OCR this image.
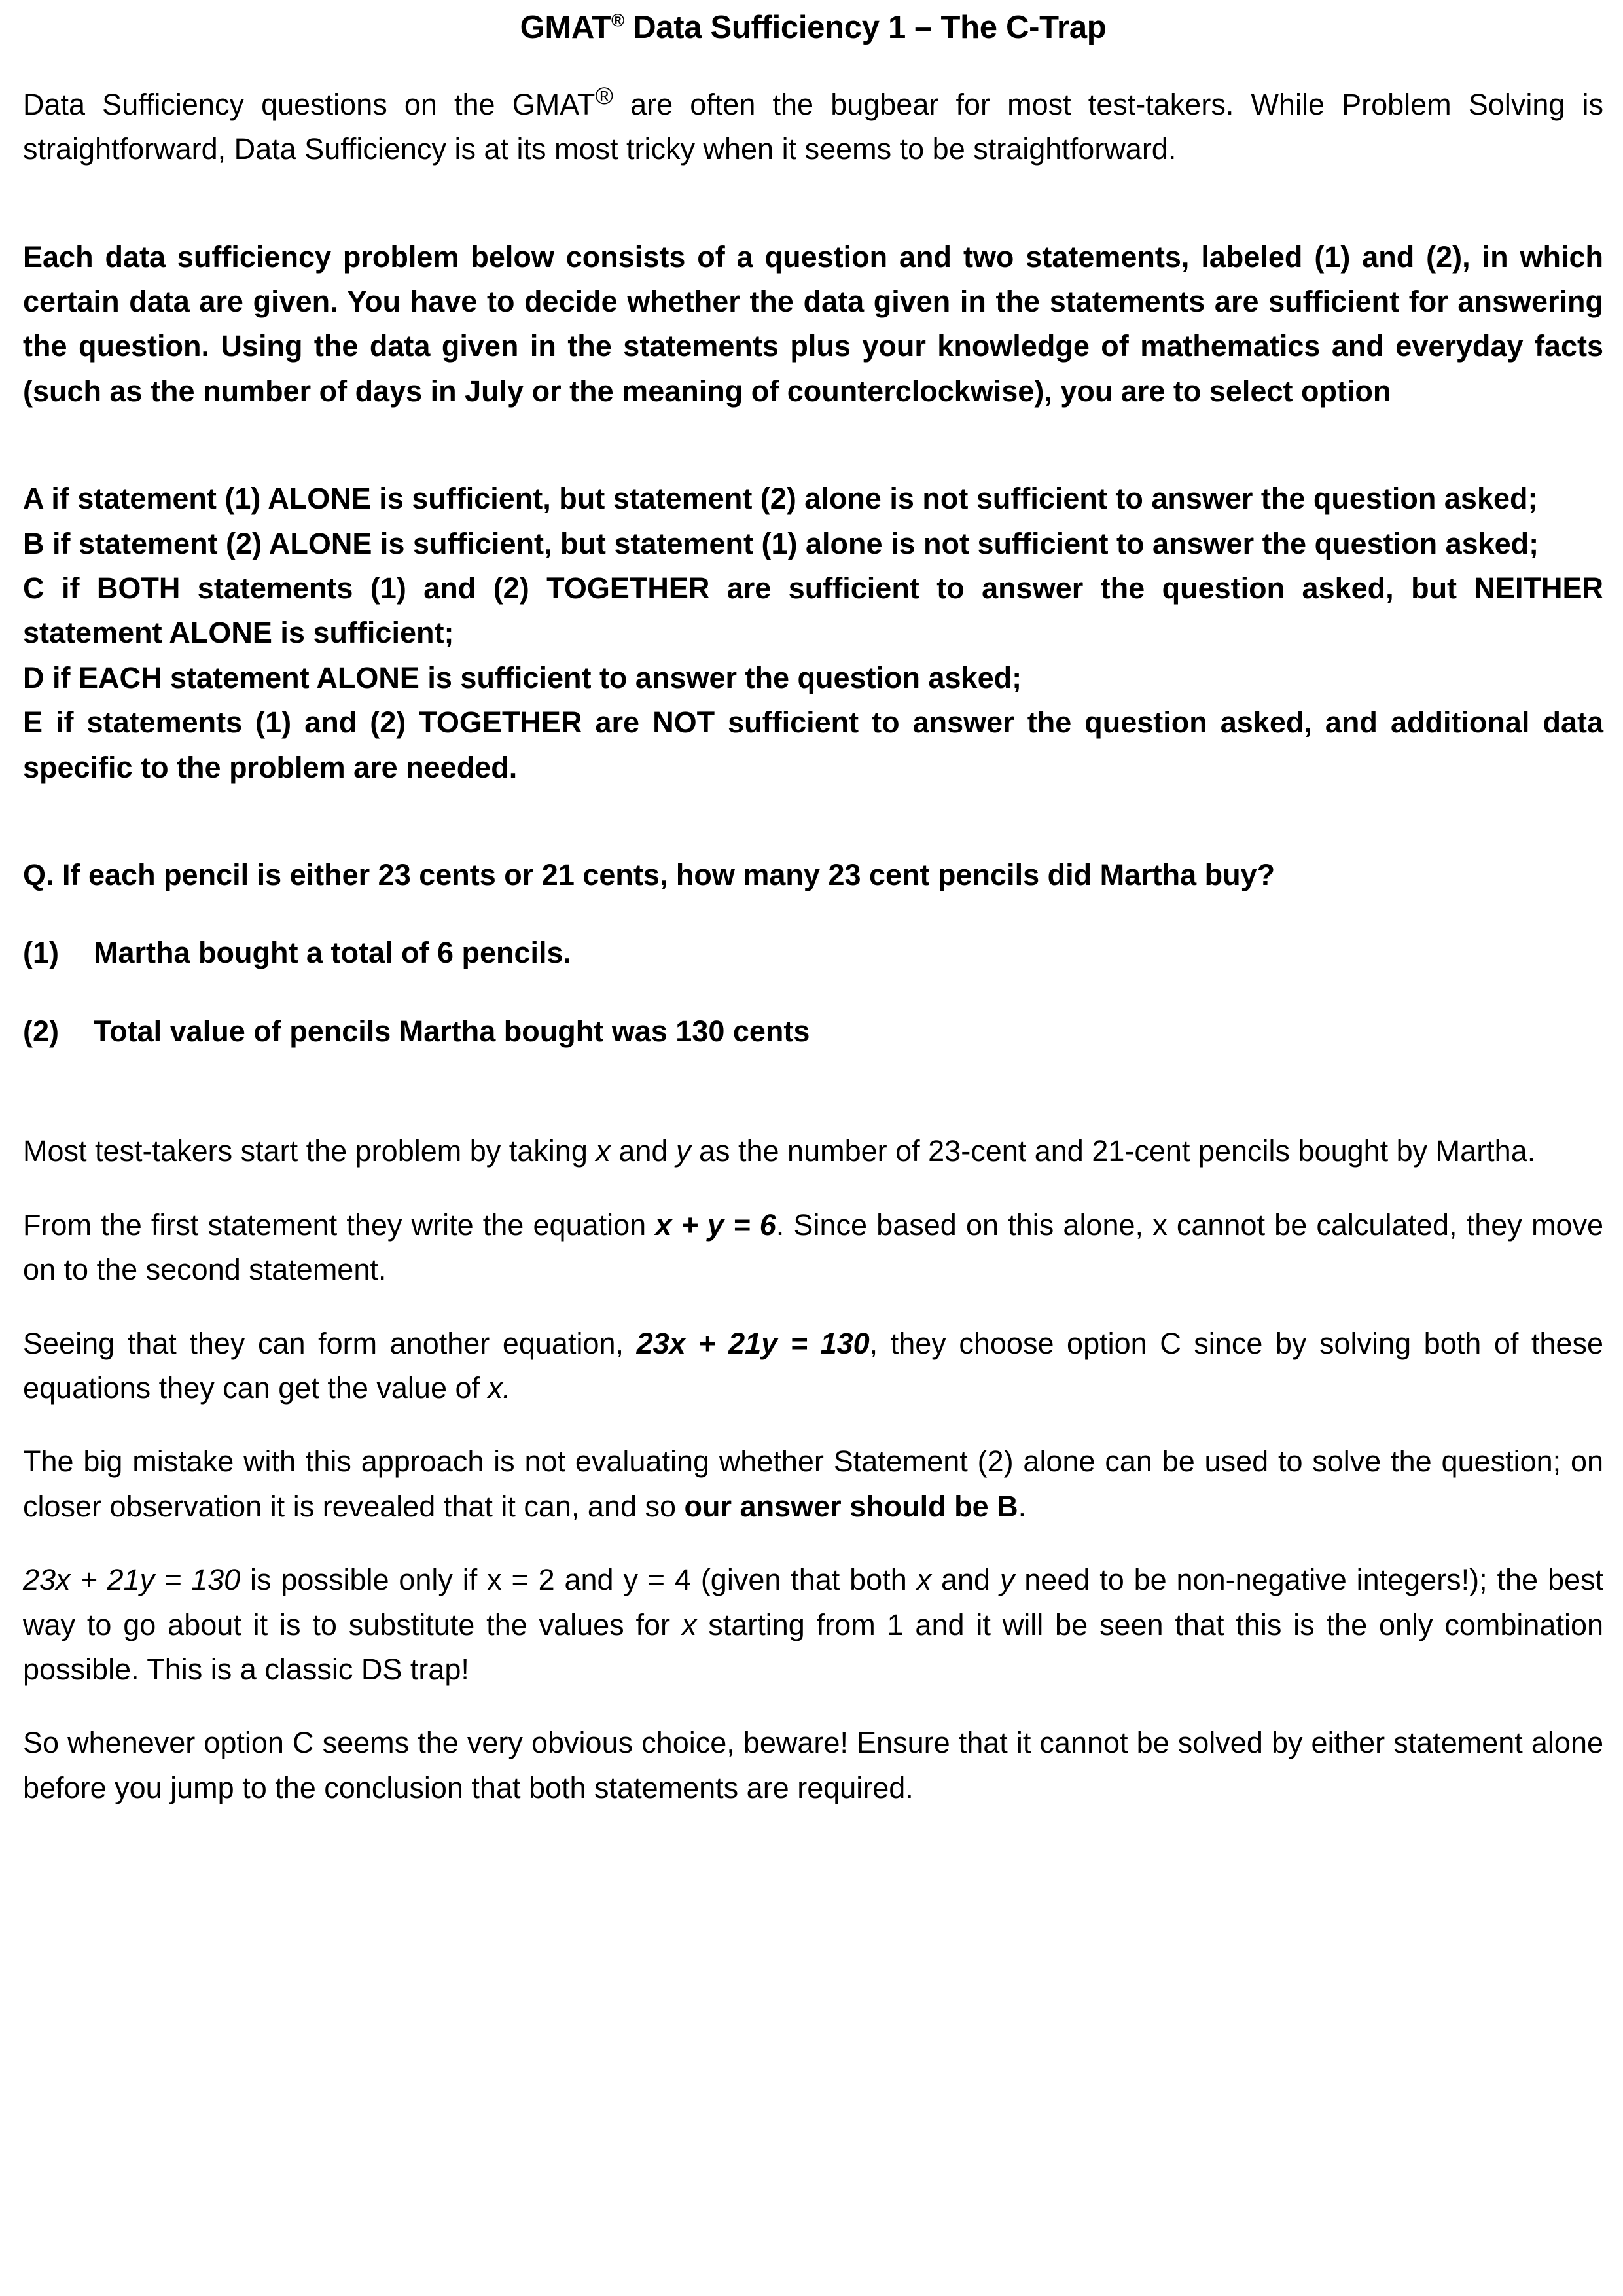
GMAT® Data Sufficiency 1 – The C-Trap

Data Sufficiency questions on the GMAT® are often the bugbear for most test-takers. While Problem Solving is straightforward, Data Sufficiency is at its most tricky when it seems to be straightforward.

Each data sufficiency problem below consists of a question and two statements, labeled (1) and (2), in which certain data are given. You have to decide whether the data given in the statements are sufficient for answering the question. Using the data given in the statements plus your knowledge of mathematics and everyday facts (such as the number of days in July or the meaning of counterclockwise), you are to select option

A if statement (1) ALONE is sufficient, but statement (2) alone is not sufficient to answer the question asked;

B if statement (2) ALONE is sufficient, but statement (1) alone is not sufficient to answer the question asked;

C if BOTH statements (1) and (2) TOGETHER are sufficient to answer the question asked, but NEITHER statement ALONE is sufficient;

D if EACH statement ALONE is sufficient to answer the question asked;

E if statements (1) and (2) TOGETHER are NOT sufficient to answer the question asked, and additional data specific to the problem are needed.

Q. If each pencil is either 23 cents or 21 cents, how many 23 cent pencils did Martha buy?

(1)	Martha bought a total of 6 pencils.
(2)	Total value of pencils Martha bought was 130 cents

Most test-takers start the problem by taking x and y as the number of 23-cent and 21-cent pencils bought by Martha.

From the first statement they write the equation x + y = 6. Since based on this alone, x cannot be calculated, they move on to the second statement.

Seeing that they can form another equation, 23x + 21y = 130, they choose option C since by solving both of these equations they can get the value of x.

The big mistake with this approach is not evaluating whether Statement (2) alone can be used to solve the question; on closer observation it is revealed that it can, and so our answer should be B.

23x + 21y = 130 is possible only if x = 2 and y = 4 (given that both x and y need to be non-negative integers!); the best way to go about it is to substitute the values for x starting from 1 and it will be seen that this is the only combination possible. This is a classic DS trap!

So whenever option C seems the very obvious choice, beware! Ensure that it cannot be solved by either statement alone before you jump to the conclusion that both statements are required.
